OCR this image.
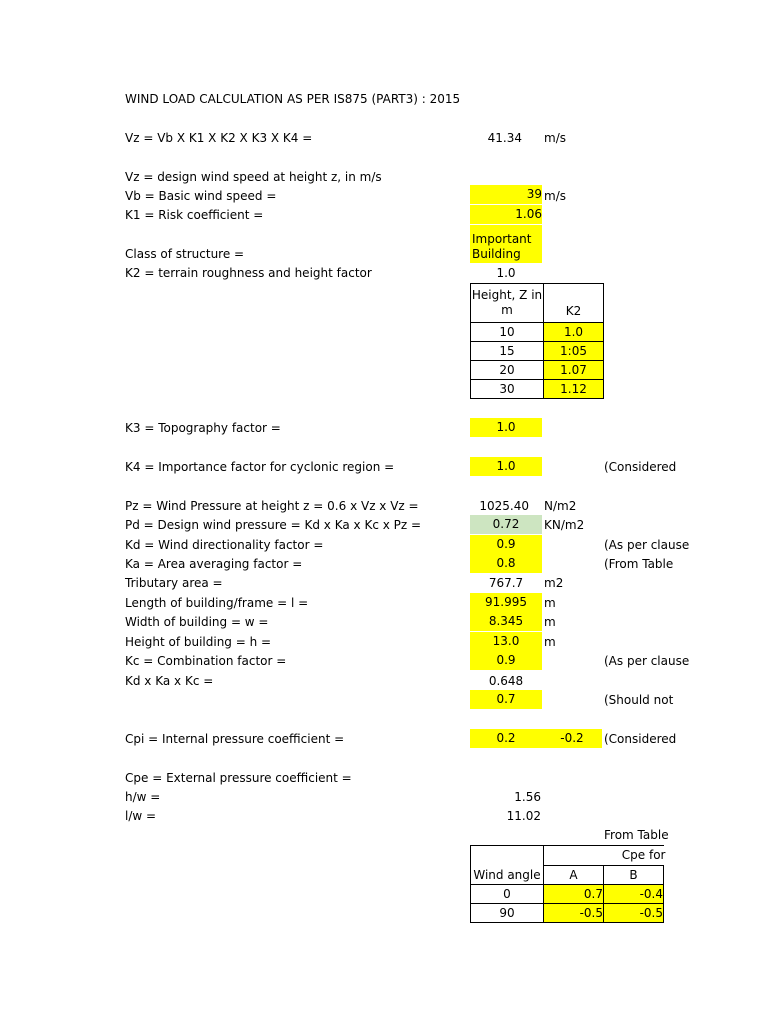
WIND LOAD CALCULATION AS PER IS875 (PART3) : 2015
Vz = Vb X K1 X K2 X K3 X K4 =	41.34 m/s
Vz = design wind speed at height z, in m/s
Vb = Basic wind speed =	39 m/s
K1 = Risk coefficient =	1.06
Class of structure =
Important
Building
K2 = terrain roughness and height factor	1.0
Height, Z in
m	K2
10	1.0
15	1:05
20	1.07
30	1.12
K3 = Topography factor =	1.0
K4 = Importance factor for cyclonic region =	1.0	(Considered
Pz = Wind Pressure at height z = 0.6 x Vz x Vz =	1025.40 N/m2
Pd = Design wind pressure = Kd x Ka x Kc x Pz =	0.72	KN/m2
Kd = Wind directionality factor =	0.9	(As per clause
Ka = Area averaging factor =	0.8	(From Table
Tributary area =	767.7	m2
Length of building/frame = l =	91.995	m
Width of building = w =	8.345	m
Height of building = h =	13.0	m
Kc = Combination factor =	0.9	(As per clause
Kd x Ka x Kc =	0.648
0.7	(Should not
Cpi = Internal pressure coefficient =	0.2	-0.2	(Considered
Cpe = External pressure coefficient =
h/w =	1.56
l/w =	11.02
From Table
	Cpe for	
Wind angle	A	B
0	0.7	-0.4
90	-0.5	-0.5
